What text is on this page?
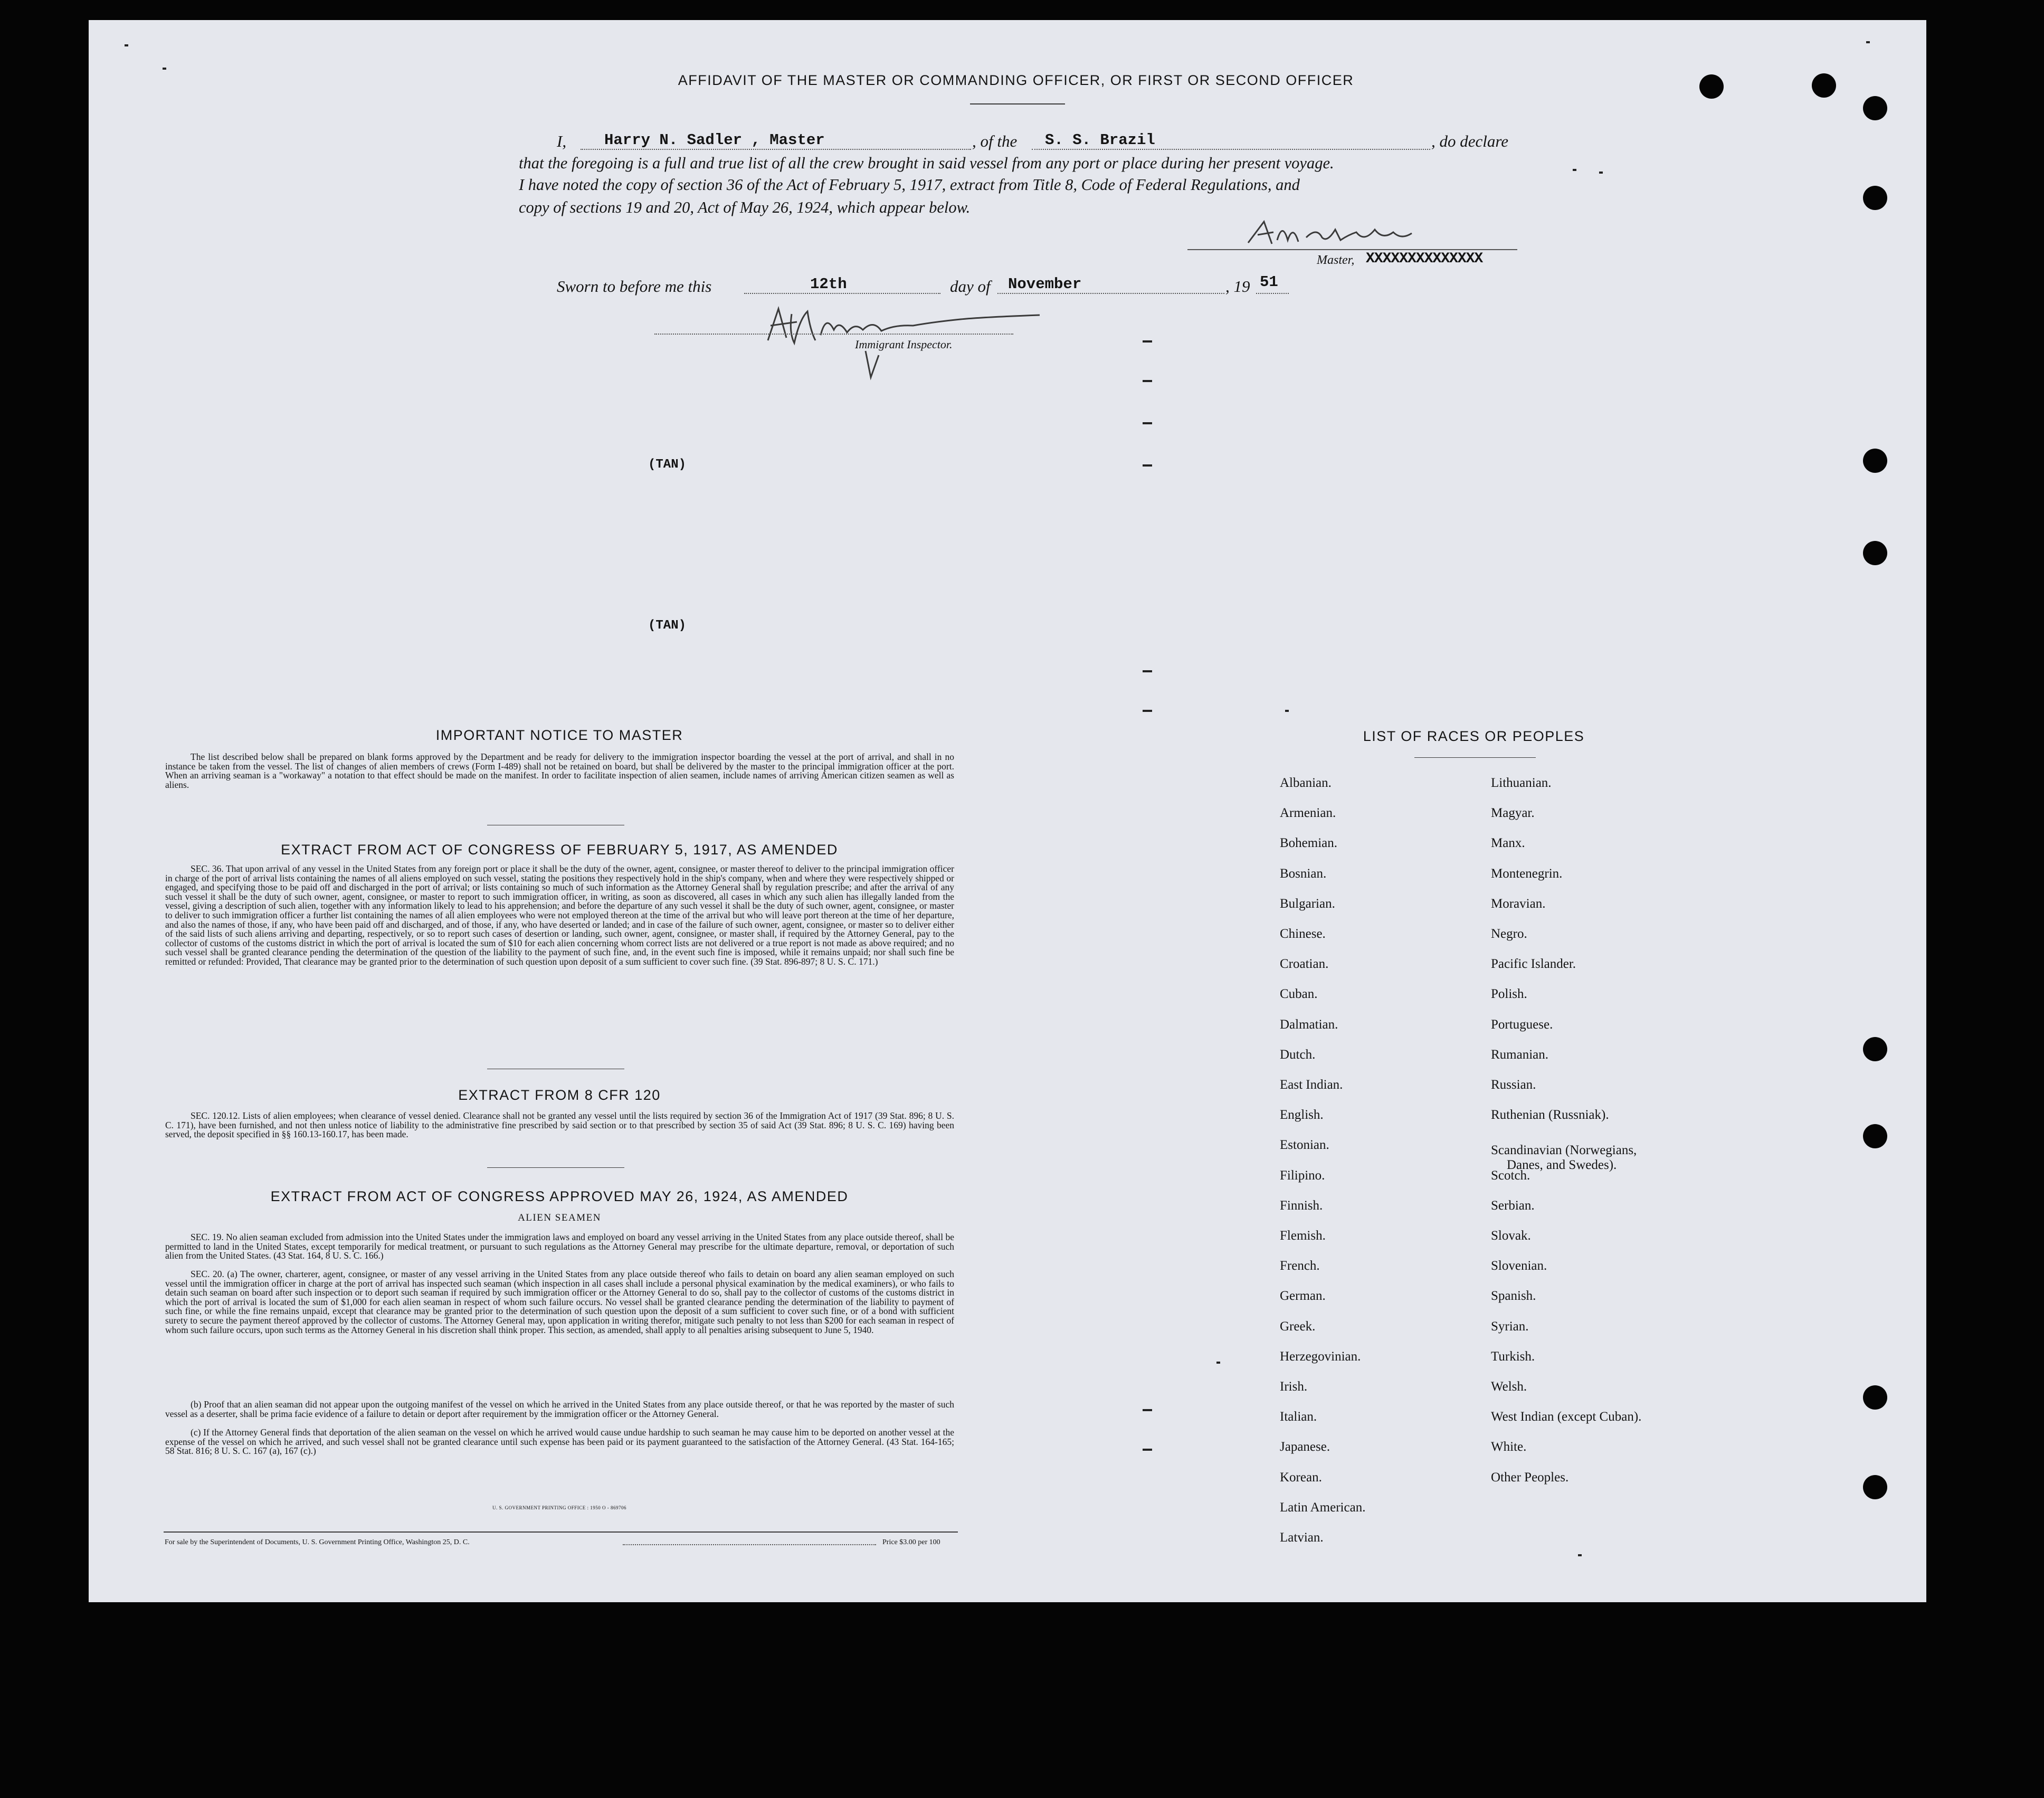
AFFIDAVIT OF THE MASTER OR COMMANDING OFFICER, OR FIRST OR SECOND OFFICER
I, Harry N. Sadler , Master	, of the S. S. Brazil	, do declare
that the foregoing is a full and true list of all the crew brought in said vessel from any port or place during her present voyage.
I have noted the copy of section 36 of the Act of February 5, 1917, extract from Title 8, Code of Federal Regulations, and
copy of sections 19 and 20, Act of May 26, 1924, which appear below.
Master, XXXXXXXXXXXXXX
Sworn to before me this	12th	day of November	, 19 51
Immigrant Inspector.
(TAN)
(TAN)
IMPORTANT NOTICE TO MASTER
The list described below shall be prepared on blank forms approved by the Department and be ready for delivery to the immigration inspector boarding the vessel at the port of arrival, and shall in no instance be taken from the vessel. The list of changes of alien members of crews (Form I-489) shall not be retained on board, but shall be delivered by the master to the principal immigration officer at the port. When an arriving seaman is a "workaway" a notation to that effect should be made on the manifest. In order to facilitate inspection of alien seamen, include names of arriving American citizen seamen as well as aliens.
EXTRACT FROM ACT OF CONGRESS OF FEBRUARY 5, 1917, AS AMENDED
SEC. 36. That upon arrival of any vessel in the United States from any foreign port or place it shall be the duty of the owner, agent, consignee, or master thereof to deliver to the principal immigration officer in charge of the port of arrival lists containing the names of all aliens employed on such vessel, stating the positions they respectively hold in the ship's company, when and where they were respectively shipped or engaged, and specifying those to be paid off and discharged in the port of arrival; or lists containing so much of such information as the Attorney General shall by regulation prescribe; and after the arrival of any such vessel it shall be the duty of such owner, agent, consignee, or master to report to such immigration officer, in writing, as soon as discovered, all cases in which any such alien has illegally landed from the vessel, giving a description of such alien, together with any information likely to lead to his apprehension; and before the departure of any such vessel it shall be the duty of such owner, agent, consignee, or master to deliver to such immigration officer a further list containing the names of all alien employees who were not employed thereon at the time of the arrival but who will leave port thereon at the time of her departure, and also the names of those, if any, who have been paid off and discharged, and of those, if any, who have deserted or landed; and in case of the failure of such owner, agent, consignee, or master so to deliver either of the said lists of such aliens arriving and departing, respectively, or so to report such cases of desertion or landing, such owner, agent, consignee, or master shall, if required by the Attorney General, pay to the collector of customs of the customs district in which the port of arrival is located the sum of $10 for each alien concerning whom correct lists are not delivered or a true report is not made as above required; and no such vessel shall be granted clearance pending the determination of the question of the liability to the payment of such fine, and, in the event such fine is imposed, while it remains unpaid; nor shall such fine be remitted or refunded: Provided, That clearance may be granted prior to the determination of such question upon deposit of a sum sufficient to cover such fine. (39 Stat. 896-897; 8 U. S. C. 171.)
EXTRACT FROM 8 CFR 120
SEC. 120.12. Lists of alien employees; when clearance of vessel denied. Clearance shall not be granted any vessel until the lists required by section 36 of the Immigration Act of 1917 (39 Stat. 896; 8 U. S. C. 171), have been furnished, and not then unless notice of liability to the administrative fine prescribed by said section or to that prescribed by section 35 of said Act (39 Stat. 896; 8 U. S. C. 169) having been served, the deposit specified in §§ 160.13-160.17, has been made.
EXTRACT FROM ACT OF CONGRESS APPROVED MAY 26, 1924, AS AMENDED
ALIEN SEAMEN
SEC. 19. No alien seaman excluded from admission into the United States under the immigration laws and employed on board any vessel arriving in the United States from any place outside thereof, shall be permitted to land in the United States, except temporarily for medical treatment, or pursuant to such regulations as the Attorney General may prescribe for the ultimate departure, removal, or deportation of such alien from the United States. (43 Stat. 164, 8 U. S. C. 166.)
SEC. 20. (a) The owner, charterer, agent, consignee, or master of any vessel arriving in the United States from any place outside thereof who fails to detain on board any alien seaman employed on such vessel until the immigration officer in charge at the port of arrival has inspected such seaman (which inspection in all cases shall include a personal physical examination by the medical examiners), or who fails to detain such seaman on board after such inspection or to deport such seaman if required by such immigration officer or the Attorney General to do so, shall pay to the collector of customs of the customs district in which the port of arrival is located the sum of $1,000 for each alien seaman in respect of whom such failure occurs. No vessel shall be granted clearance pending the determination of the liability to payment of such fine, or while the fine remains unpaid, except that clearance may be granted prior to the determination of such question upon the deposit of a sum sufficient to cover such fine, or of a bond with sufficient surety to secure the payment thereof approved by the collector of customs. The Attorney General may, upon application in writing therefor, mitigate such penalty to not less than $200 for each seaman in respect of whom such failure occurs, upon such terms as the Attorney General in his discretion shall think proper. This section, as amended, shall apply to all penalties arising subsequent to June 5, 1940.
(b) Proof that an alien seaman did not appear upon the outgoing manifest of the vessel on which he arrived in the United States from any place outside thereof, or that he was reported by the master of such vessel as a deserter, shall be prima facie evidence of a failure to detain or deport after requirement by the immigration officer or the Attorney General.
(c) If the Attorney General finds that deportation of the alien seaman on the vessel on which he arrived would cause undue hardship to such seaman he may cause him to be deported on another vessel at the expense of the vessel on which he arrived, and such vessel shall not be granted clearance until such expense has been paid or its payment guaranteed to the satisfaction of the Attorney General. (43 Stat. 164-165; 58 Stat. 816; 8 U. S. C. 167 (a), 167 (c).)
U. S. GOVERNMENT PRINTING OFFICE : 1950 O - 869706
For sale by the Superintendent of Documents, U. S. Government Printing Office, Washington 25, D. C.	Price $3.00 per 100
LIST OF RACES OR PEOPLES
Albanian.
Armenian.
Bohemian.
Bosnian.
Bulgarian.
Chinese.
Croatian.
Cuban.
Dalmatian.
Dutch.
East Indian.
English.
Estonian.
Filipino.
Finnish.
Flemish.
French.
German.
Greek.
Herzegovinian.
Irish.
Italian.
Japanese.
Korean.
Latin American.
Latvian.
Lithuanian.
Magyar.
Manx.
Montenegrin.
Moravian.
Negro.
Pacific Islander.
Polish.
Portuguese.
Rumanian.
Russian.
Ruthenian (Russniak).
Scandinavian (Norwegians,
Danes, and Swedes).
Scotch.
Serbian.
Slovak.
Slovenian.
Spanish.
Syrian.
Turkish.
Welsh.
West Indian (except Cuban).
White.
Other Peoples.
